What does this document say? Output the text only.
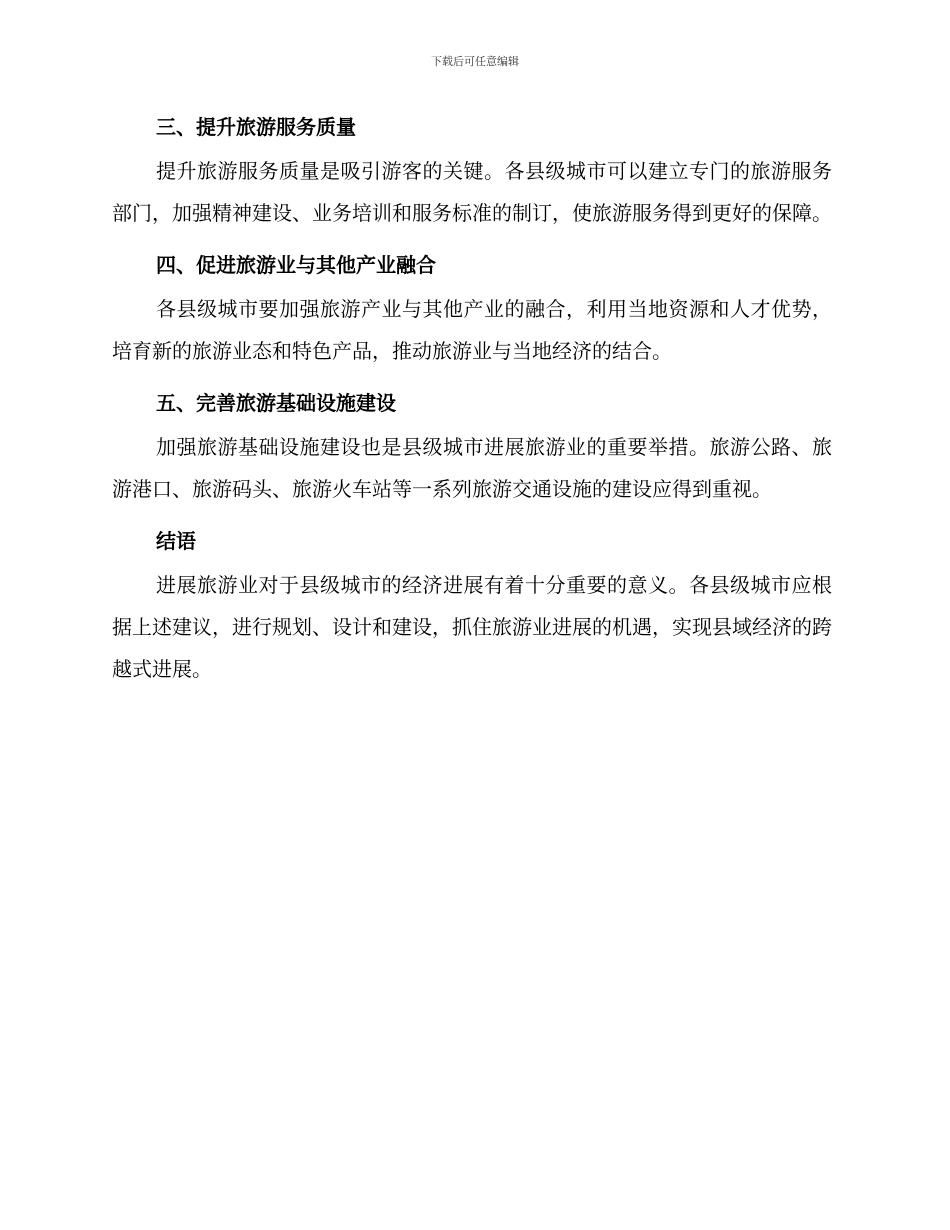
下载后可任意编辑
三、提升旅游服务质量

提升旅游服务质量是吸引游客的关键。各县级城市可以建立专门的旅游服务部门，加强精神建设、业务培训和服务标准的制订，使旅游服务得到更好的保障。

四、促进旅游业与其他产业融合

各县级城市要加强旅游产业与其他产业的融合，利用当地资源和人才优势，培育新的旅游业态和特色产品，推动旅游业与当地经济的结合。

五、完善旅游基础设施建设

加强旅游基础设施建设也是县级城市进展旅游业的重要举措。旅游公路、旅游港口、旅游码头、旅游火车站等一系列旅游交通设施的建设应得到重视。

结语

进展旅游业对于县级城市的经济进展有着十分重要的意义。各县级城市应根据上述建议，进行规划、设计和建设，抓住旅游业进展的机遇，实现县域经济的跨越式进展。
